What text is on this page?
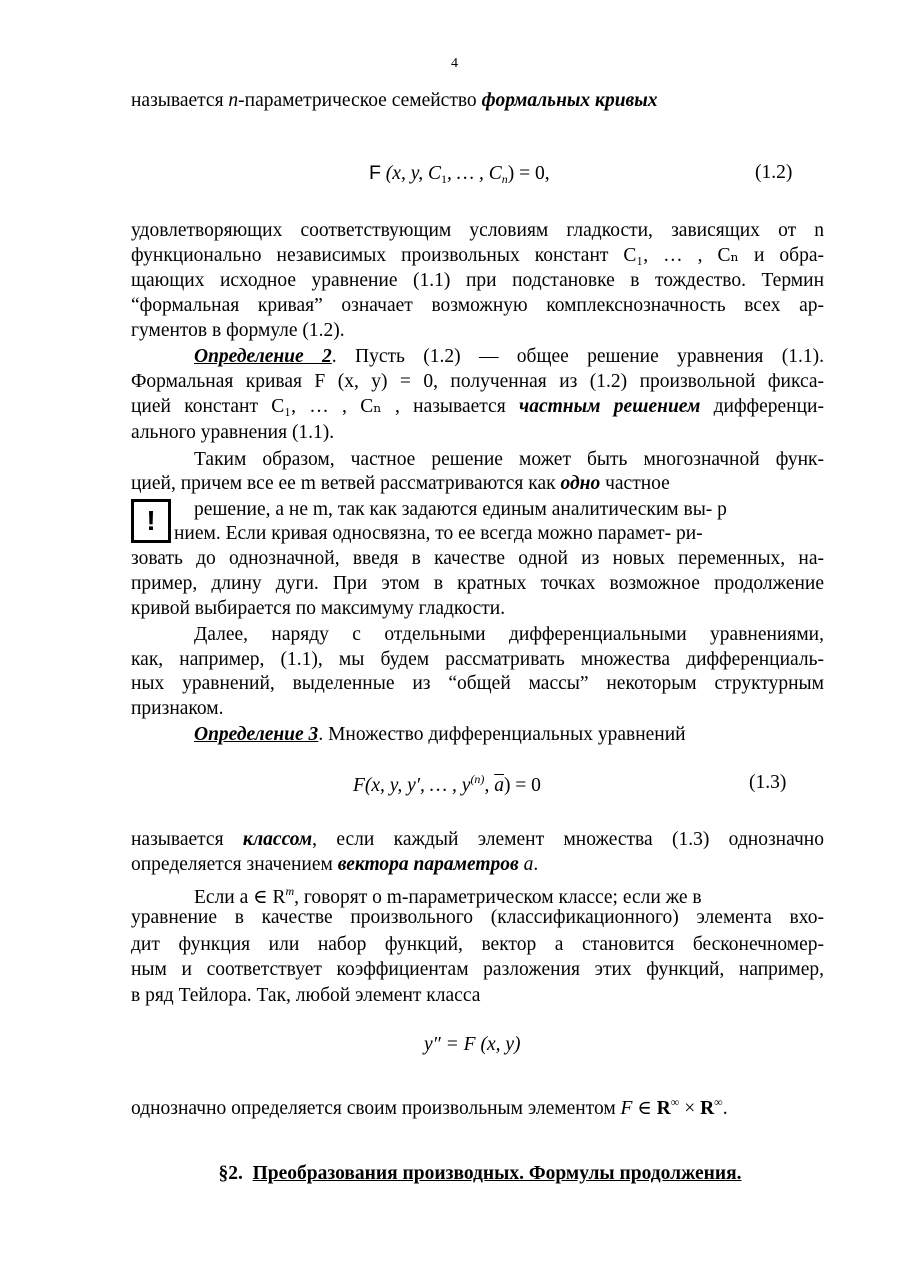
4
называется n-параметрическое семейство формальных кривых
F (x, y, $C_1$, … , $C_n) = 0$,	(1.2)
удовлетворяющих соответствующим условиям гладкости, зависящих от n
функционально независимых произвольных констант C₁, … , Cₙ и обра-
щающих исходное уравнение (1.1) при подстановке в тождество. Термин
“формальная кривая” означает возможную комплекснозначность всех ар-
гументов в формуле (1.2).
Определение 2. Пусть (1.2) — общее решение уравнения (1.1).
Формальная кривая F (x, y) = 0, полученная из (1.2) произвольной фикса-
цией констант C₁, … , Cₙ , называется частным решением дифференци-
ального уравнения (1.1).
Таким образом, частное решение может быть многозначной функ-
цией, причем все ее m ветвей рассматриваются как одно частное
решение, а не m, так как задаются единым аналитическим вы- р
нием. Если кривая односвязна, то ее всегда можно парамет- ри-
!
зовать до однозначной, введя в качестве одной из новых переменных, на-
пример, длину дуги. При этом в кратных точках возможное продолжение
кривой выбирается по максимуму гладкости.
Далее, наряду с отдельными дифференциальными уравнениями,
как, например, (1.1), мы будем рассматривать множества дифференциаль-
ных уравнений, выделенные из “общей массы” некоторым структурным
признаком.
Определение 3. Множество дифференциальных уравнений
F(x, y, y′, … , $y^{(n)}$, $\overline{a}) = 0$	(1.3)
называется классом, если каждый элемент множества (1.3) однозначно
определяется значением вектора параметров a.
Если a ∈ $R^m$, говорят о m-параметрическом классе; если же в
уравнение в качестве произвольного (классификационного) элемента вхо-
дит функция или набор функций, вектор a становится бесконечномер-
ным и соответствует коэффициентам разложения этих функций, например,
в ряд Тейлора. Так, любой элемент класса
y″ = F (x, y)
однозначно определяется своим произвольным элементом F ∈ R∞ × R∞.
§2. Преобразования производных. Формулы продолжения.
